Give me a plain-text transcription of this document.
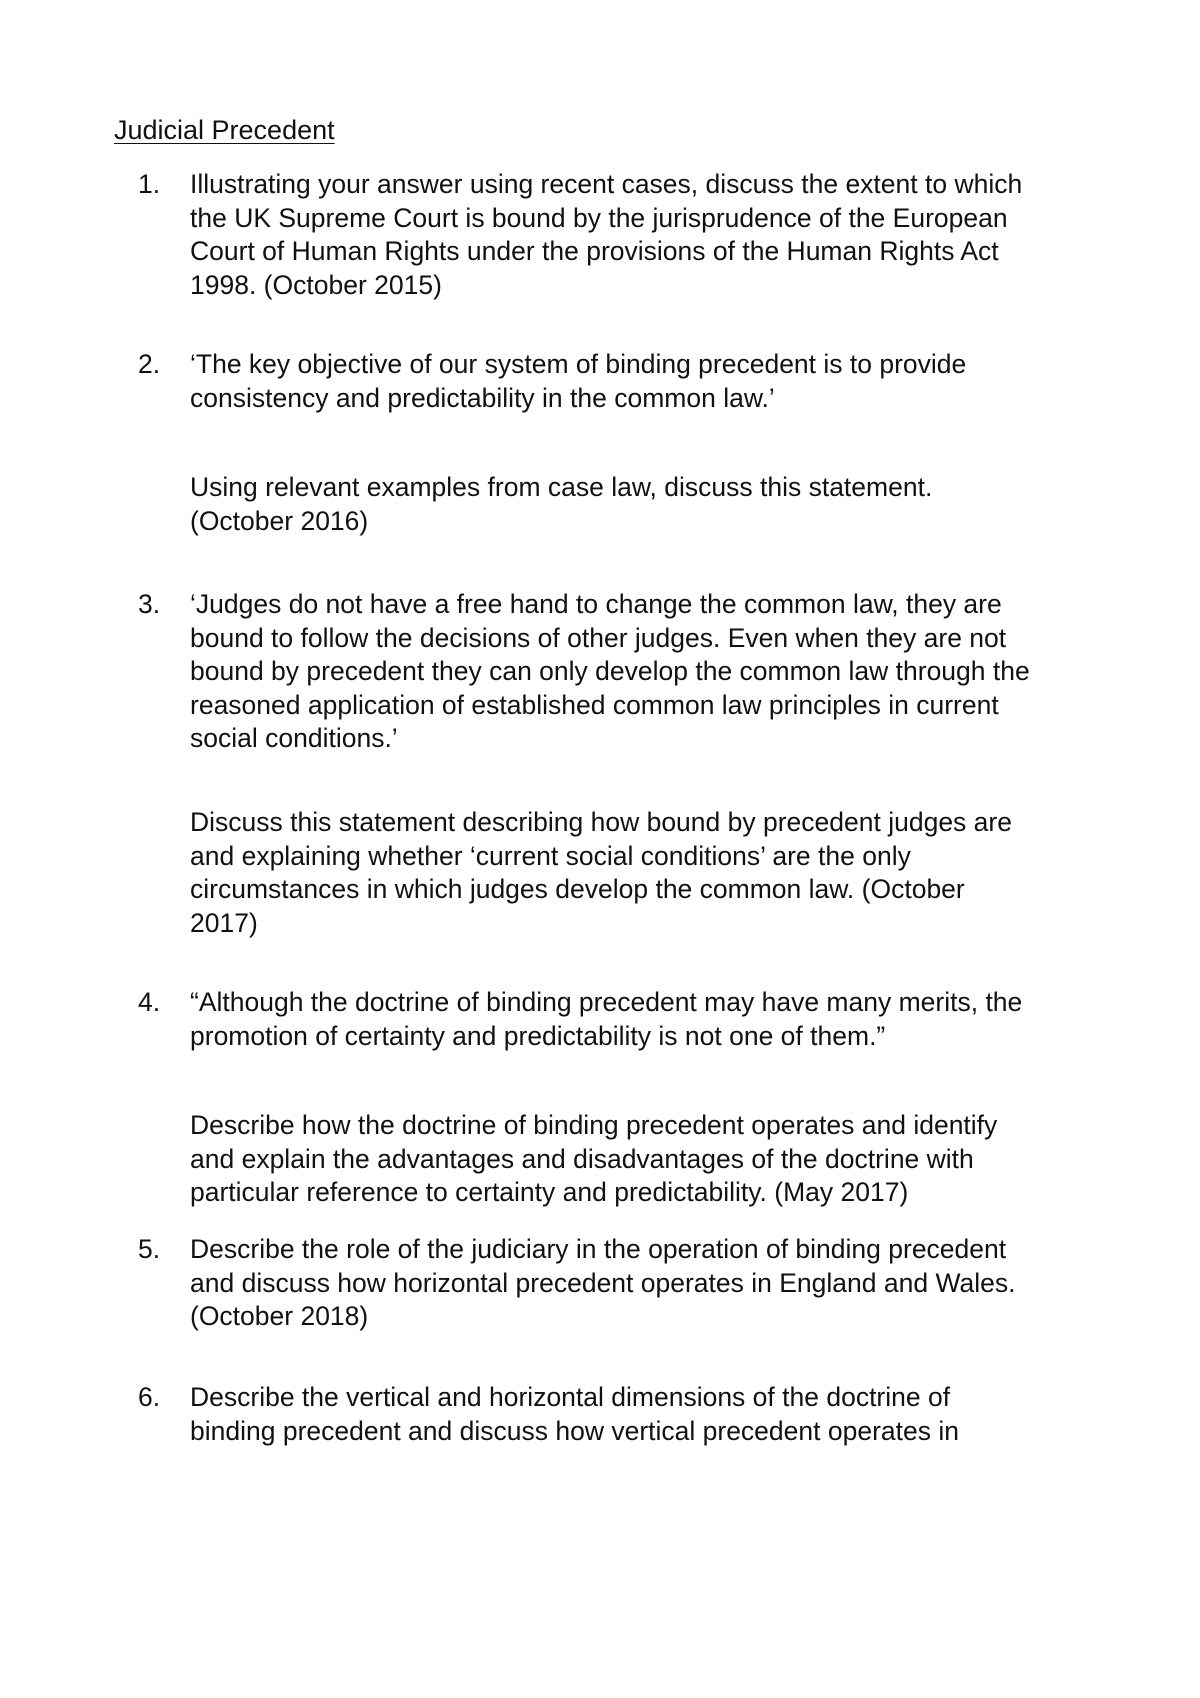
Judicial Precedent
1. Illustrating your answer using recent cases, discuss the extent to which
the UK Supreme Court is bound by the jurisprudence of the European
Court of Human Rights under the provisions of the Human Rights Act
1998. (October 2015)
2. ‘The key objective of our system of binding precedent is to provide
consistency and predictability in the common law.’
Using relevant examples from case law, discuss this statement.
(October 2016)
3. ‘Judges do not have a free hand to change the common law, they are
bound to follow the decisions of other judges. Even when they are not
bound by precedent they can only develop the common law through the
reasoned application of established common law principles in current
social conditions.’
Discuss this statement describing how bound by precedent judges are
and explaining whether ‘current social conditions’ are the only
circumstances in which judges develop the common law. (October
2017)
4. “Although the doctrine of binding precedent may have many merits, the
promotion of certainty and predictability is not one of them.”
Describe how the doctrine of binding precedent operates and identify
and explain the advantages and disadvantages of the doctrine with
particular reference to certainty and predictability. (May 2017)
5. Describe the role of the judiciary in the operation of binding precedent
and discuss how horizontal precedent operates in England and Wales.
(October 2018)
6. Describe the vertical and horizontal dimensions of the doctrine of
binding precedent and discuss how vertical precedent operates in
